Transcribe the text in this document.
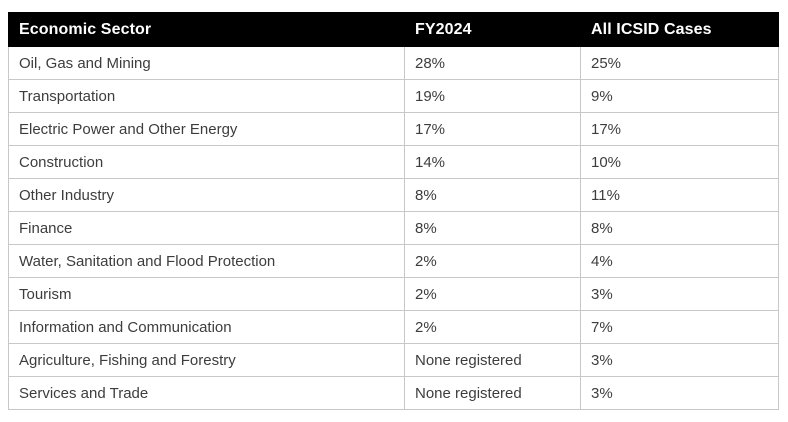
Economic Sector	FY2024	All ICSID Cases
Oil, Gas and Mining	28%	25%
Transportation	19%	9%
Electric Power and Other Energy	17%	17%
Construction	14%	10%
Other Industry	8%	11%
Finance	8%	8%
Water, Sanitation and Flood Protection	2%	4%
Tourism	2%	3%
Information and Communication	2%	7%
Agriculture, Fishing and Forestry	None registered	3%
Services and Trade	None registered	3%
